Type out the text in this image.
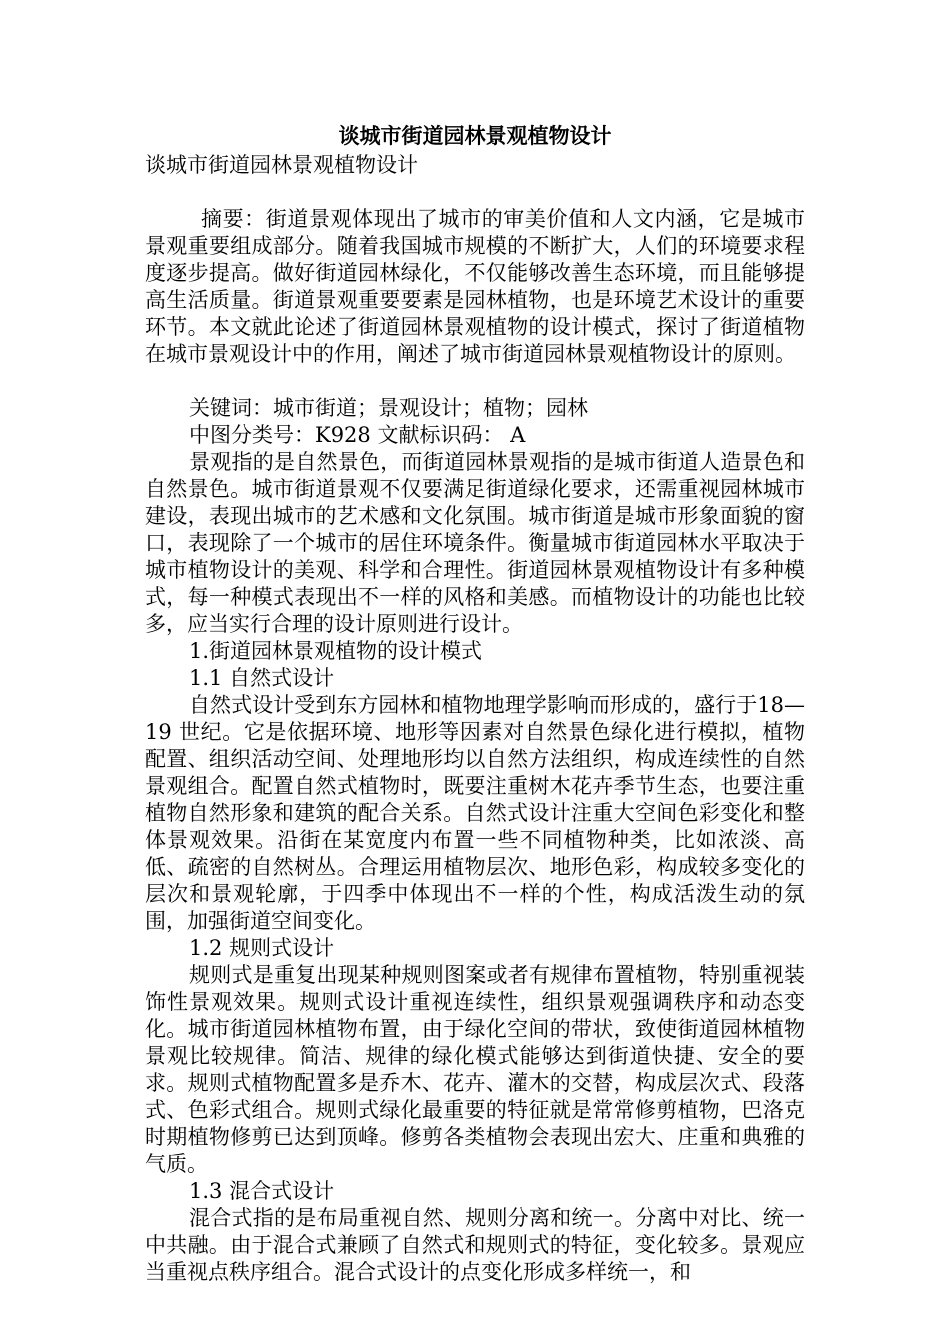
谈城市街道园林景观植物设计

谈城市街道园林景观植物设计

摘要：街道景观体现出了城市的审美价值和人文内涵，它是城市景观重要组成部分。随着我国城市规模的不断扩大，人们的环境要求程度逐步提高。做好街道园林绿化，不仅能够改善生态环境，而且能够提高生活质量。街道景观重要要素是园林植物，也是环境艺术设计的重要环节。本文就此论述了街道园林景观植物的设计模式，探讨了街道植物在城市景观设计中的作用，阐述了城市街道园林景观植物设计的原则。

关键词：城市街道；景观设计；植物；园林

中图分类号：K928 文献标识码： A

景观指的是自然景色，而街道园林景观指的是城市街道人造景色和自然景色。城市街道景观不仅要满足街道绿化要求，还需重视园林城市建设，表现出城市的艺术感和文化氛围。城市街道是城市形象面貌的窗口，表现除了一个城市的居住环境条件。衡量城市街道园林水平取决于城市植物设计的美观、科学和合理性。街道园林景观植物设计有多种模式，每一种模式表现出不一样的风格和美感。而植物设计的功能也比较多，应当实行合理的设计原则进行设计。

1.街道园林景观植物的设计模式

1.1 自然式设计

自然式设计受到东方园林和植物地理学影响而形成的，盛行于18—19 世纪。它是依据环境、地形等因素对自然景色绿化进行模拟，植物配置、组织活动空间、处理地形均以自然方法组织，构成连续性的自然景观组合。配置自然式植物时，既要注重树木花卉季节生态，也要注重植物自然形象和建筑的配合关系。自然式设计注重大空间色彩变化和整体景观效果。沿街在某宽度内布置一些不同植物种类，比如浓淡、高低、疏密的自然树丛。合理运用植物层次、地形色彩，构成较多变化的层次和景观轮廓，于四季中体现出不一样的个性，构成活泼生动的氛围，加强街道空间变化。

1.2 规则式设计

规则式是重复出现某种规则图案或者有规律布置植物，特别重视装饰性景观效果。规则式设计重视连续性，组织景观强调秩序和动态变化。城市街道园林植物布置，由于绿化空间的带状，致使街道园林植物景观比较规律。简洁、规律的绿化模式能够达到街道快捷、安全的要求。规则式植物配置多是乔木、花卉、灌木的交替，构成层次式、段落式、色彩式组合。规则式绿化最重要的特征就是常常修剪植物，巴洛克时期植物修剪已达到顶峰。修剪各类植物会表现出宏大、庄重和典雅的气质。

1.3 混合式设计

混合式指的是布局重视自然、规则分离和统一。分离中对比、统一中共融。由于混合式兼顾了自然式和规则式的特征，变化较多。景观应当重视点秩序组合。混合式设计的点变化形成多样统一，和
